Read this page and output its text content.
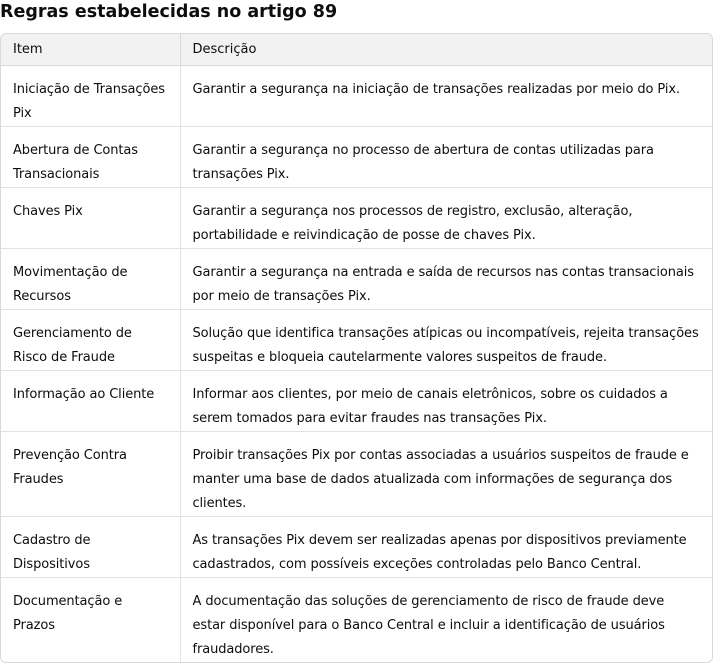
Regras estabelecidas no artigo 89
Item	Descrição
Iniciação de Transações Pix	Garantir a segurança na iniciação de transações realizadas por meio do Pix.
Abertura de Contas Transacionais	Garantir a segurança no processo de abertura de contas utilizadas para transações Pix.
Chaves Pix	Garantir a segurança nos processos de registro, exclusão, alteração, portabilidade e reivindicação de posse de chaves Pix.
Movimentação de Recursos	Garantir a segurança na entrada e saída de recursos nas contas transacionais por meio de transações Pix.
Gerenciamento de Risco de Fraude	Solução que identifica transações atípicas ou incompatíveis, rejeita transações suspeitas e bloqueia cautelarmente valores suspeitos de fraude.
Informação ao Cliente	Informar aos clientes, por meio de canais eletrônicos, sobre os cuidados a serem tomados para evitar fraudes nas transações Pix.
Prevenção Contra Fraudes	Proibir transações Pix por contas associadas a usuários suspeitos de fraude e manter uma base de dados atualizada com informações de segurança dos clientes.
Cadastro de Dispositivos	As transações Pix devem ser realizadas apenas por dispositivos previamente cadastrados, com possíveis exceções controladas pelo Banco Central.
Documentação e Prazos	A documentação das soluções de gerenciamento de risco de fraude deve estar disponível para o Banco Central e incluir a identificação de usuários fraudadores.
